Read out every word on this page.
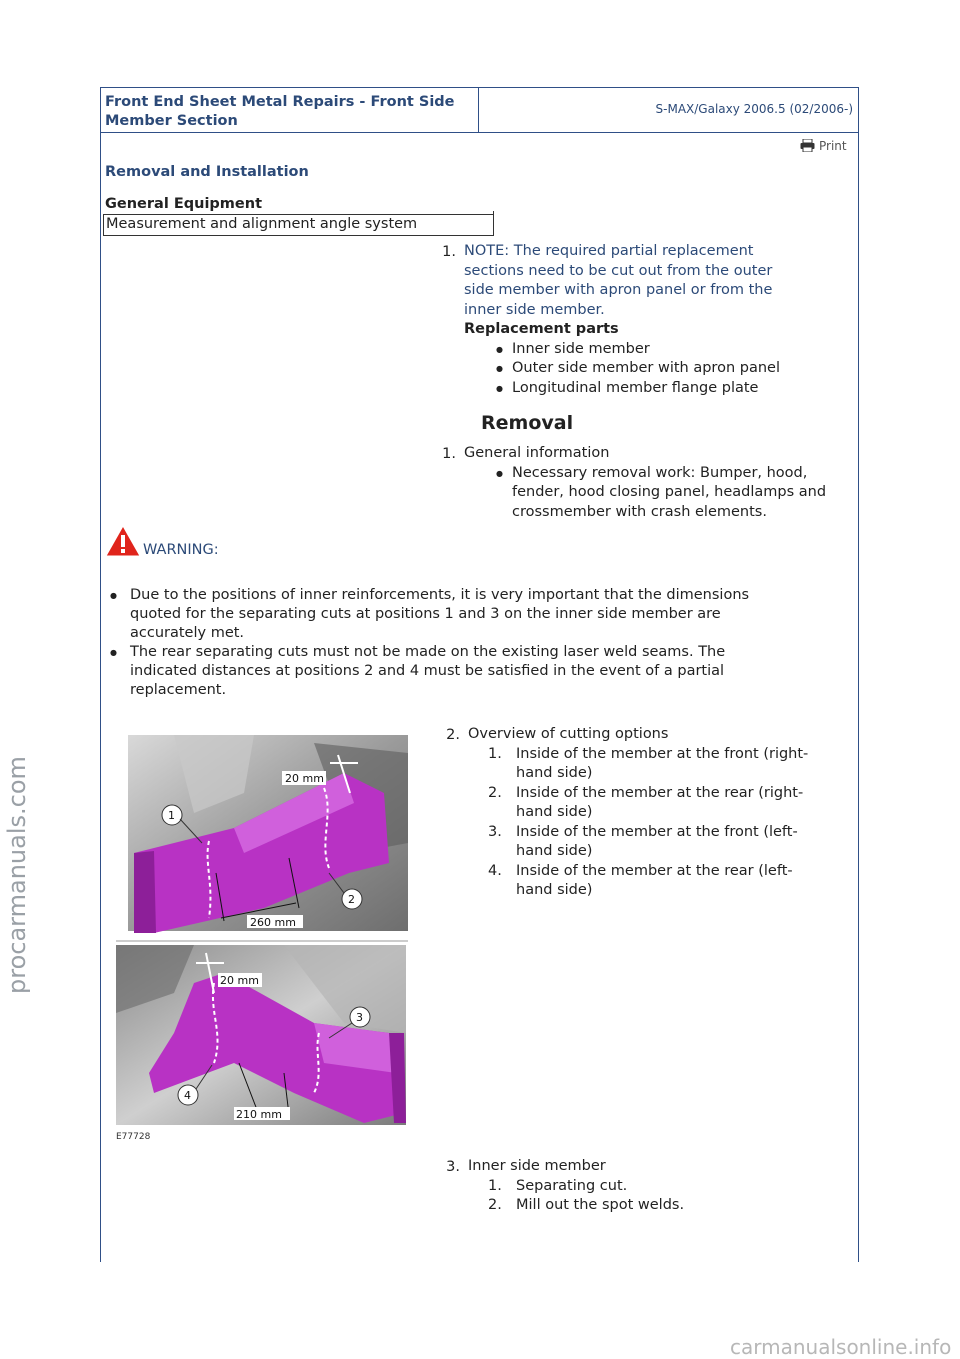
Front End Sheet Metal Repairs - Front Side
Member Section
S-MAX/Galaxy 2006.5 (02/2006-)
Print
Removal and Installation
General Equipment
Measurement and alignment angle system
1. NOTE: The required partial replacement
sections need to be cut out from the outer
side member with apron panel or from the
inner side member.
Replacement parts
● Inner side member
● Outer side member with apron panel
● Longitudinal member flange plate
Removal
1. General information
● Necessary removal work: Bumper, hood,
fender, hood closing panel, headlamps and
crossmember with crash elements.
WARNING:
● Due to the positions of inner reinforcements, it is very important that the dimensions
quoted for the separating cuts at positions 1 and 3 on the inner side member are
accurately met.
● The rear separating cuts must not be made on the existing laser weld seams. The
indicated distances at positions 2 and 4 must be satisfied in the event of a partial
replacement.
2. Overview of cutting options
1. Inside of the member at the front (right-
hand side)
2. Inside of the member at the rear (right-
hand side)
3. Inside of the member at the front (left-
hand side)
4. Inside of the member at the rear (left-
hand side)
260 mm
20 mm
1
2
210 mm
20 mm
3
4
E77728
3. Inner side member
1. Separating cut.
2. Mill out the spot welds.
procarmanuals.com
carmanualsonline.info
